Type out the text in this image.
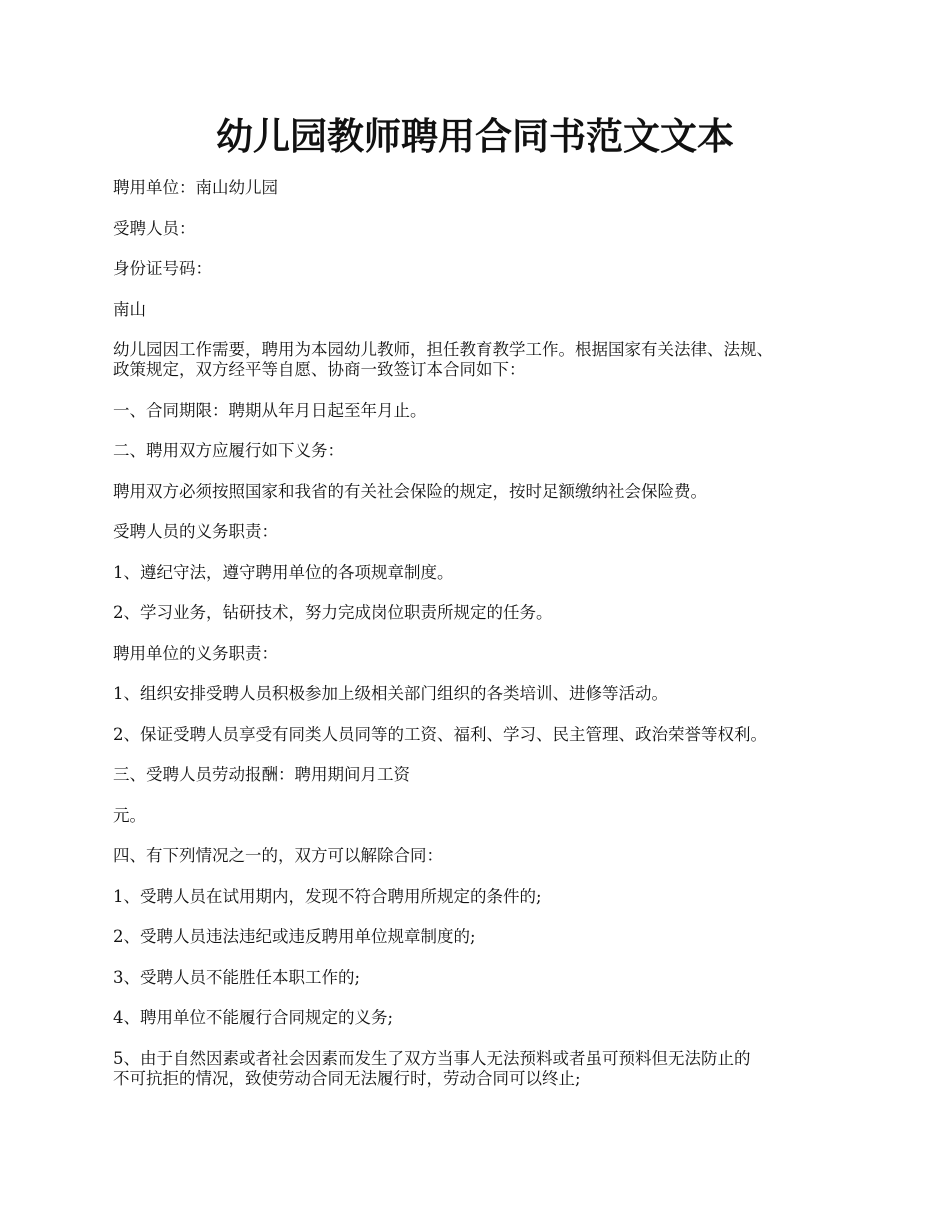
幼儿园教师聘用合同书范文文本

聘用单位：南山幼儿园

受聘人员：

身份证号码：

南山

幼儿园因工作需要，聘用为本园幼儿教师，担任教育教学工作。根据国家有关法律、法规、
政策规定，双方经平等自愿、协商一致签订本合同如下：

一、合同期限：聘期从年月日起至年月止。

二、聘用双方应履行如下义务：

聘用双方必须按照国家和我省的有关社会保险的规定，按时足额缴纳社会保险费。

受聘人员的义务职责：

1、遵纪守法，遵守聘用单位的各项规章制度。

2、学习业务，钻研技术，努力完成岗位职责所规定的任务。

聘用单位的义务职责：

1、组织安排受聘人员积极参加上级相关部门组织的各类培训、进修等活动。

2、保证受聘人员享受有同类人员同等的工资、福利、学习、民主管理、政治荣誉等权利。

三、受聘人员劳动报酬：聘用期间月工资

元。

四、有下列情况之一的，双方可以解除合同：

1、受聘人员在试用期内，发现不符合聘用所规定的条件的;

2、受聘人员违法违纪或违反聘用单位规章制度的;

3、受聘人员不能胜任本职工作的;

4、聘用单位不能履行合同规定的义务;

5、由于自然因素或者社会因素而发生了双方当事人无法预料或者虽可预料但无法防止的
不可抗拒的情况，致使劳动合同无法履行时，劳动合同可以终止;
